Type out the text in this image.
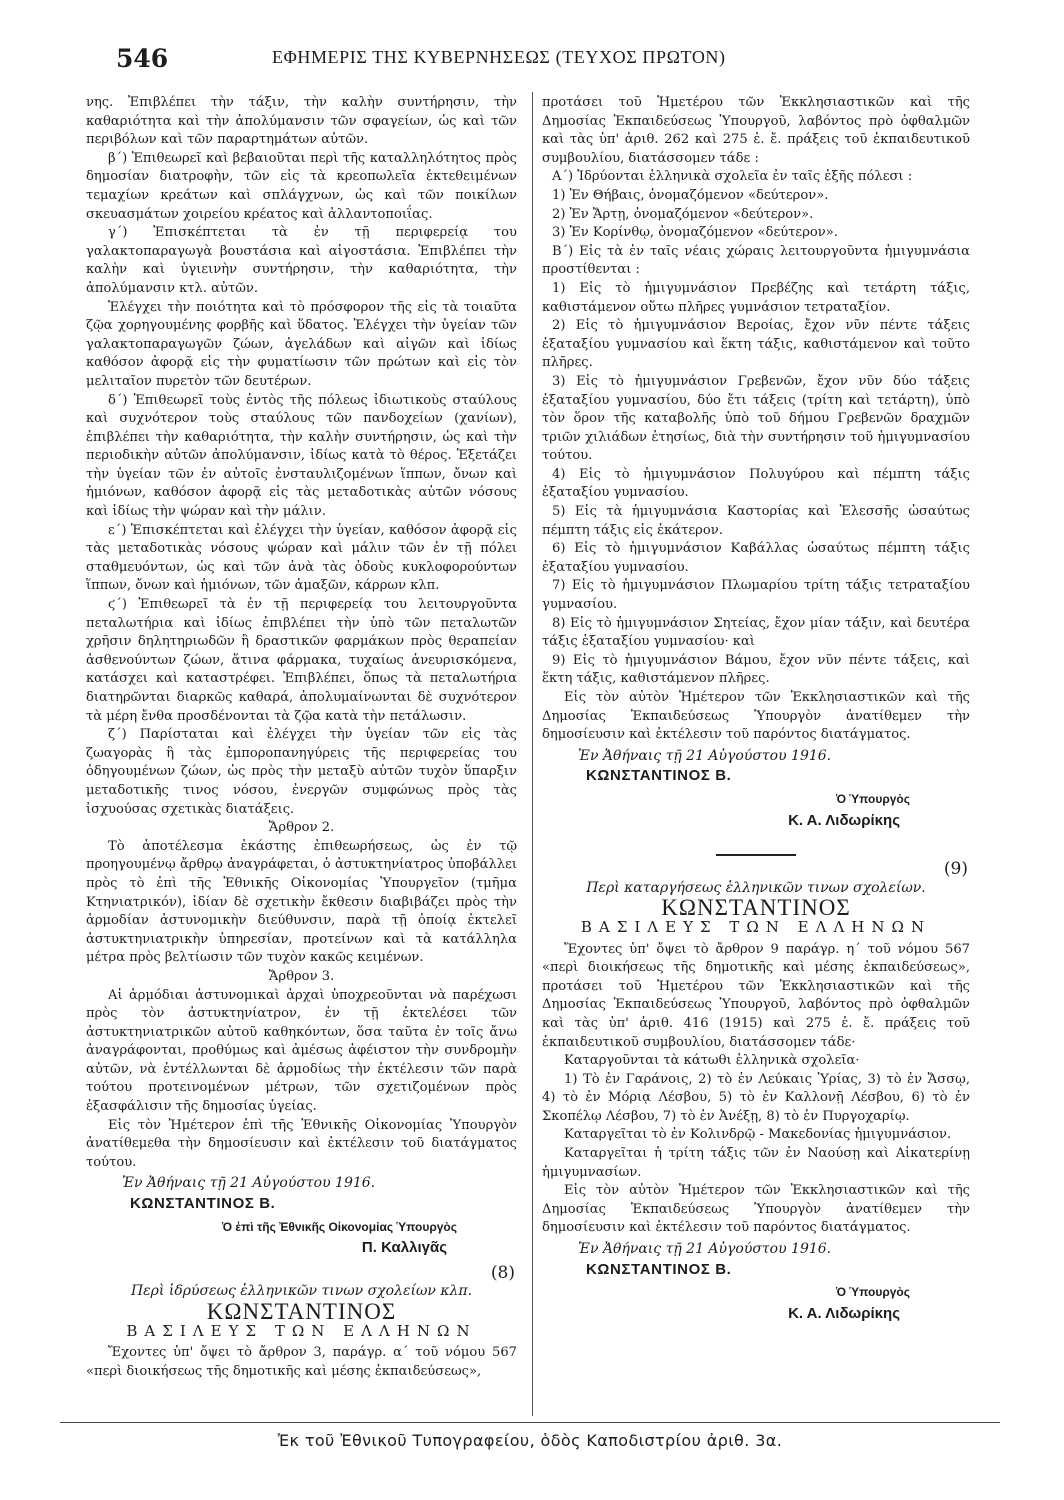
546	ΕΦΗΜΕΡΙΣ ΤΗΣ ΚΥΒΕΡΝΗΣΕΩΣ (ΤΕΥΧΟΣ ΠΡΩΤΟΝ)

νης. Ἐπιβλέπει τὴν τάξιν, τὴν καλὴν συντήρησιν, τὴν καθαριότητα καὶ τὴν ἀπολύμανσιν τῶν σφαγείων, ὡς καὶ τῶν περιβόλων καὶ τῶν παραρτημάτων αὐτῶν.

β΄) Ἐπιθεωρεῖ καὶ βεβαιοῦται περὶ τῆς καταλληλότητος πρὸς δημοσίαν διατροφὴν, τῶν εἰς τὰ κρεοπωλεῖα ἐκτεθειμένων τεμαχίων κρεάτων καὶ σπλάγχνων, ὡς καὶ τῶν ποικίλων σκευασμάτων χοιρείου κρέατος καὶ ἀλλαντοποιΐας.

γ΄) Ἐπισκέπτεται τὰ ἐν τῇ περιφερείᾳ του γαλακτοπαραγωγὰ βουστάσια καὶ αἰγοστάσια. Ἐπιβλέπει τὴν καλὴν καὶ ὑγιεινὴν συντήρησιν, τὴν καθαριότητα, τὴν ἀπολύμανσιν κτλ. αὐτῶν.

Ἐλέγχει τὴν ποιότητα καὶ τὸ πρόσφορον τῆς εἰς τὰ τοιαῦτα ζῷα χορηγουμένης φορβῆς καὶ ὕδατος. Ἐλέγχει τὴν ὑγείαν τῶν γαλακτοπαραγωγῶν ζώων, ἀγελάδων καὶ αἰγῶν καὶ ἰδίως καθόσον ἀφορᾷ εἰς τὴν φυματίωσιν τῶν πρώτων καὶ εἰς τὸν μελιταῖον πυρετὸν τῶν δευτέρων.

δ΄) Ἐπιθεωρεῖ τοὺς ἐντὸς τῆς πόλεως ἰδιωτικοὺς σταύλους καὶ συχνότερον τοὺς σταύλους τῶν πανδοχείων (χανίων), ἐπιβλέπει τὴν καθαριότητα, τὴν καλὴν συντήρησιν, ὡς καὶ τὴν περιοδικὴν αὐτῶν ἀπολύμανσιν, ἰδίως κατὰ τὸ θέρος. Ἐξετάζει τὴν ὑγείαν τῶν ἐν αὐτοῖς ἐνσταυλιζομένων ἵππων, ὄνων καὶ ἡμιόνων, καθόσον ἀφορᾷ εἰς τὰς μεταδοτικὰς αὐτῶν νόσους καὶ ἰδίως τὴν ψώραν καὶ τὴν μάλιν.

ε΄) Ἐπισκέπτεται καὶ ἐλέγχει τὴν ὑγείαν, καθόσον ἀφορᾷ εἰς τὰς μεταδοτικὰς νόσους ψώραν καὶ μάλιν τῶν ἐν τῇ πόλει σταθμευόντων, ὡς καὶ τῶν ἀνὰ τὰς ὁδοὺς κυκλοφορούντων ἵππων, ὄνων καὶ ἡμιόνων, τῶν ἁμαξῶν, κάρρων κλπ.

ϛ΄) Ἐπιθεωρεῖ τὰ ἐν τῇ περιφερείᾳ του λειτουργοῦντα πεταλωτήρια καὶ ἰδίως ἐπιβλέπει τὴν ὑπὸ τῶν πεταλωτῶν χρῆσιν δηλητηριωδῶν ἢ δραστικῶν φαρμάκων πρὸς θεραπείαν ἀσθενούντων ζώων, ἅτινα φάρμακα, τυχαίως ἀνευρισκόμενα, κατάσχει καὶ καταστρέφει. Ἐπιβλέπει, ὅπως τὰ πεταλωτήρια διατηρῶνται διαρκῶς καθαρά, ἀπολυμαίνωνται δὲ συχνότερον τὰ μέρη ἔνθα προσδένονται τὰ ζῷα κατὰ τὴν πετάλωσιν.

ζ΄) Παρίσταται καὶ ἐλέγχει τὴν ὑγείαν τῶν εἰς τὰς ζωαγορὰς ἢ τὰς ἐμποροπανηγύρεις τῆς περιφερείας του ὁδηγουμένων ζώων, ὡς πρὸς τὴν μεταξὺ αὐτῶν τυχὸν ὕπαρξιν μεταδοτικῆς τινος νόσου, ἐνεργῶν συμφώνως πρὸς τὰς ἰσχυούσας σχετικὰς διατάξεις.

Ἄρθρον 2.

Τὸ ἀποτέλεσμα ἑκάστης ἐπιθεωρήσεως, ὡς ἐν τῷ προηγουμένῳ ἄρθρῳ ἀναγράφεται, ὁ ἀστυκτηνίατρος ὑποβάλλει πρὸς τὸ ἐπὶ τῆς Ἐθνικῆς Οἰκονομίας Ὑπουργεῖον (τμῆμα Κτηνιατρικόν), ἰδίαν δὲ σχετικὴν ἔκθεσιν διαβιβάζει πρὸς τὴν ἁρμοδίαν ἀστυνομικὴν διεύθυνσιν, παρὰ τῇ ὁποίᾳ ἐκτελεῖ ἀστυκτηνιατρικὴν ὑπηρεσίαν, προτείνων καὶ τὰ κατάλληλα μέτρα πρὸς βελτίωσιν τῶν τυχὸν κακῶς κειμένων.

Ἄρθρον 3.

Αἱ ἁρμόδιαι ἀστυνομικαὶ ἀρχαὶ ὑποχρεοῦνται νὰ παρέχωσι πρὸς τὸν ἀστυκτηνίατρον, ἐν τῇ ἐκτελέσει τῶν ἀστυκτηνιατρικῶν αὐτοῦ καθηκόντων, ὅσα ταῦτα ἐν τοῖς ἄνω ἀναγράφονται, προθύμως καὶ ἀμέσως ἀφέιστον τὴν συνδρομὴν αὐτῶν, νὰ ἐντέλλωνται δὲ ἁρμοδίως τὴν ἐκτέλεσιν τῶν παρὰ τούτου προτεινομένων μέτρων, τῶν σχετιζομένων πρὸς ἐξασφάλισιν τῆς δημοσίας ὑγείας.

Εἰς τὸν Ἡμέτερον ἐπὶ τῆς Ἐθνικῆς Οἰκονομίας Ὑπουργὸν ἀνατίθεμεθα τὴν δημοσίευσιν καὶ ἐκτέλεσιν τοῦ διατάγματος τούτου.

Ἐν Ἀθήναις τῇ 21 Αὐγούστου 1916.

ΚΩΝΣΤΑΝΤΙΝΟΣ Β.

Ὁ ἐπὶ τῆς Ἐθνικῆς Οἰκονομίας Ὑπουργὸς

Π. Καλλιγᾶς

(8)

Περὶ ἱδρύσεως ἑλληνικῶν τινων σχολείων κλπ.

ΚΩΝΣΤΑΝΤΙΝΟΣ

ΒΑΣΙΛΕΥΣ ΤΩΝ ΕΛΛΗΝΩΝ

Ἔχοντες ὑπ' ὄψει τὸ ἄρθρον 3, παράγρ. α΄ τοῦ νόμου 567 «περὶ διοικήσεως τῆς δημοτικῆς καὶ μέσης ἐκπαιδεύσεως»,

προτάσει τοῦ Ἡμετέρου τῶν Ἐκκλησιαστικῶν καὶ τῆς Δημοσίας Ἐκπαιδεύσεως Ὑπουργοῦ, λαβόντος πρὸ ὀφθαλμῶν καὶ τὰς ὑπ' ἀριθ. 262 καὶ 275 ἐ. ἔ. πράξεις τοῦ ἐκπαιδευτικοῦ συμβουλίου, διατάσσομεν τάδε :

Α΄) Ἱδρύονται ἑλληνικὰ σχολεῖα ἐν ταῖς ἑξῆς πόλεσι :

1) Ἐν Θήβαις, ὀνομαζόμενον «δεύτερον».

2) Ἐν Ἄρτῃ, ὀνομαζόμενον «δεύτερον».

3) Ἐν Κορίνθῳ, ὀνομαζόμενον «δεύτερον».

Β΄) Εἰς τὰ ἐν ταῖς νέαις χώραις λειτουργοῦντα ἡμιγυμνάσια προστίθενται :

1) Εἰς τὸ ἡμιγυμνάσιον Πρεβέζης καὶ τετάρτη τάξις, καθιστάμενον οὕτω πλῆρες γυμνάσιον τετραταξίον.

2) Εἰς τὸ ἡμιγυμνάσιον Βεροίας, ἔχον νῦν πέντε τάξεις ἑξαταξίου γυμνασίου καὶ ἕκτη τάξις, καθιστάμενον καὶ τοῦτο πλῆρες.

3) Εἰς τὸ ἡμιγυμνάσιον Γρεβενῶν, ἔχον νῦν δύο τάξεις ἑξαταξίου γυμνασίου, δύο ἔτι τάξεις (τρίτη καὶ τετάρτη), ὑπὸ τὸν ὅρον τῆς καταβολῆς ὑπὸ τοῦ δήμου Γρεβενῶν δραχμῶν τριῶν χιλιάδων ἐτησίως, διὰ τὴν συντήρησιν τοῦ ἡμιγυμνασίου τούτου.

4) Εἰς τὸ ἡμιγυμνάσιον Πολυγύρου καὶ πέμπτη τάξις ἑξαταξίου γυμνασίου.

5) Εἰς τὰ ἡμιγυμνάσια Καστορίας καὶ Ἐλεσσῆς ὡσαύτως πέμπτη τάξις εἰς ἑκάτερον.

6) Εἰς τὸ ἡμιγυμνάσιον Καβάλλας ὡσαύτως πέμπτη τάξις ἑξαταξίου γυμνασίου.

7) Εἰς τὸ ἡμιγυμνάσιον Πλωμαρίου τρίτη τάξις τετραταξίου γυμνασίου.

8) Εἰς τὸ ἡμιγυμνάσιον Σητείας, ἔχον μίαν τάξιν, καὶ δευτέρα τάξις ἑξαταξίου γυμνασίου· καὶ

9) Εἰς τὸ ἡμιγυμνάσιον Βάμου, ἔχον νῦν πέντε τάξεις, καὶ ἕκτη τάξις, καθιστάμενον πλῆρες.

Εἰς τὸν αὐτὸν Ἡμέτερον τῶν Ἐκκλησιαστικῶν καὶ τῆς Δημοσίας Ἐκπαιδεύσεως Ὑπουργὸν ἀνατίθεμεν τὴν δημοσίευσιν καὶ ἐκτέλεσιν τοῦ παρόντος διατάγματος.

Ἐν Ἀθήναις τῇ 21 Αὐγούστου 1916.

ΚΩΝΣΤΑΝΤΙΝΟΣ Β.

Ὁ Ὑπουργὸς

Κ. Α. Λιδωρίκης

(9)

Περὶ καταργήσεως ἑλληνικῶν τινων σχολείων.

ΚΩΝΣΤΑΝΤΙΝΟΣ

ΒΑΣΙΛΕΥΣ ΤΩΝ ΕΛΛΗΝΩΝ

Ἔχοντες ὑπ' ὄψει τὸ ἄρθρον 9 παράγρ. η΄ τοῦ νόμου 567 «περὶ διοικήσεως τῆς δημοτικῆς καὶ μέσης ἐκπαιδεύσεως», προτάσει τοῦ Ἡμετέρου τῶν Ἐκκλησιαστικῶν καὶ τῆς Δημοσίας Ἐκπαιδεύσεως Ὑπουργοῦ, λαβόντος πρὸ ὀφθαλμῶν καὶ τὰς ὑπ' ἀριθ. 416 (1915) καὶ 275 ἐ. ἔ. πράξεις τοῦ ἐκπαιδευτικοῦ συμβουλίου, διατάσσομεν τάδε·

Καταργοῦνται τὰ κάτωθι ἑλληνικὰ σχολεῖα·

1) Τὸ ἐν Γαράνοις, 2) τὸ ἐν Λεύκαις Ὑρίας, 3) τὸ ἐν Ἄσσῳ, 4) τὸ ἐν Μόριᾳ Λέσβου, 5) τὸ ἐν Καλλονῇ Λέσβου, 6) τὸ ἐν Σκοπέλῳ Λέσβου, 7) τὸ ἐν Ἀνέξῃ, 8) τὸ ἐν Πυργοχαρίῳ.

Καταργεῖται τὸ ἐν Κολινδρῷ - Μακεδονίας ἡμιγυμνάσιον.

Καταργεῖται ἡ τρίτη τάξις τῶν ἐν Ναούσῃ καὶ Αἰκατερίνῃ ἡμιγυμνασίων.

Εἰς τὸν αὐτὸν Ἡμέτερον τῶν Ἐκκλησιαστικῶν καὶ τῆς Δημοσίας Ἐκπαιδεύσεως Ὑπουργὸν ἀνατίθεμεν τὴν δημοσίευσιν καὶ ἐκτέλεσιν τοῦ παρόντος διατάγματος.

Ἐν Ἀθήναις τῇ 21 Αὐγούστου 1916.

ΚΩΝΣΤΑΝΤΙΝΟΣ Β.

Ὁ Ὑπουργὸς

Κ. Α. Λιδωρίκης

Ἐκ τοῦ Ἐθνικοῦ Τυπογραφείου, ὁδὸς Καποδιστρίου ἀριθ. 3α.
